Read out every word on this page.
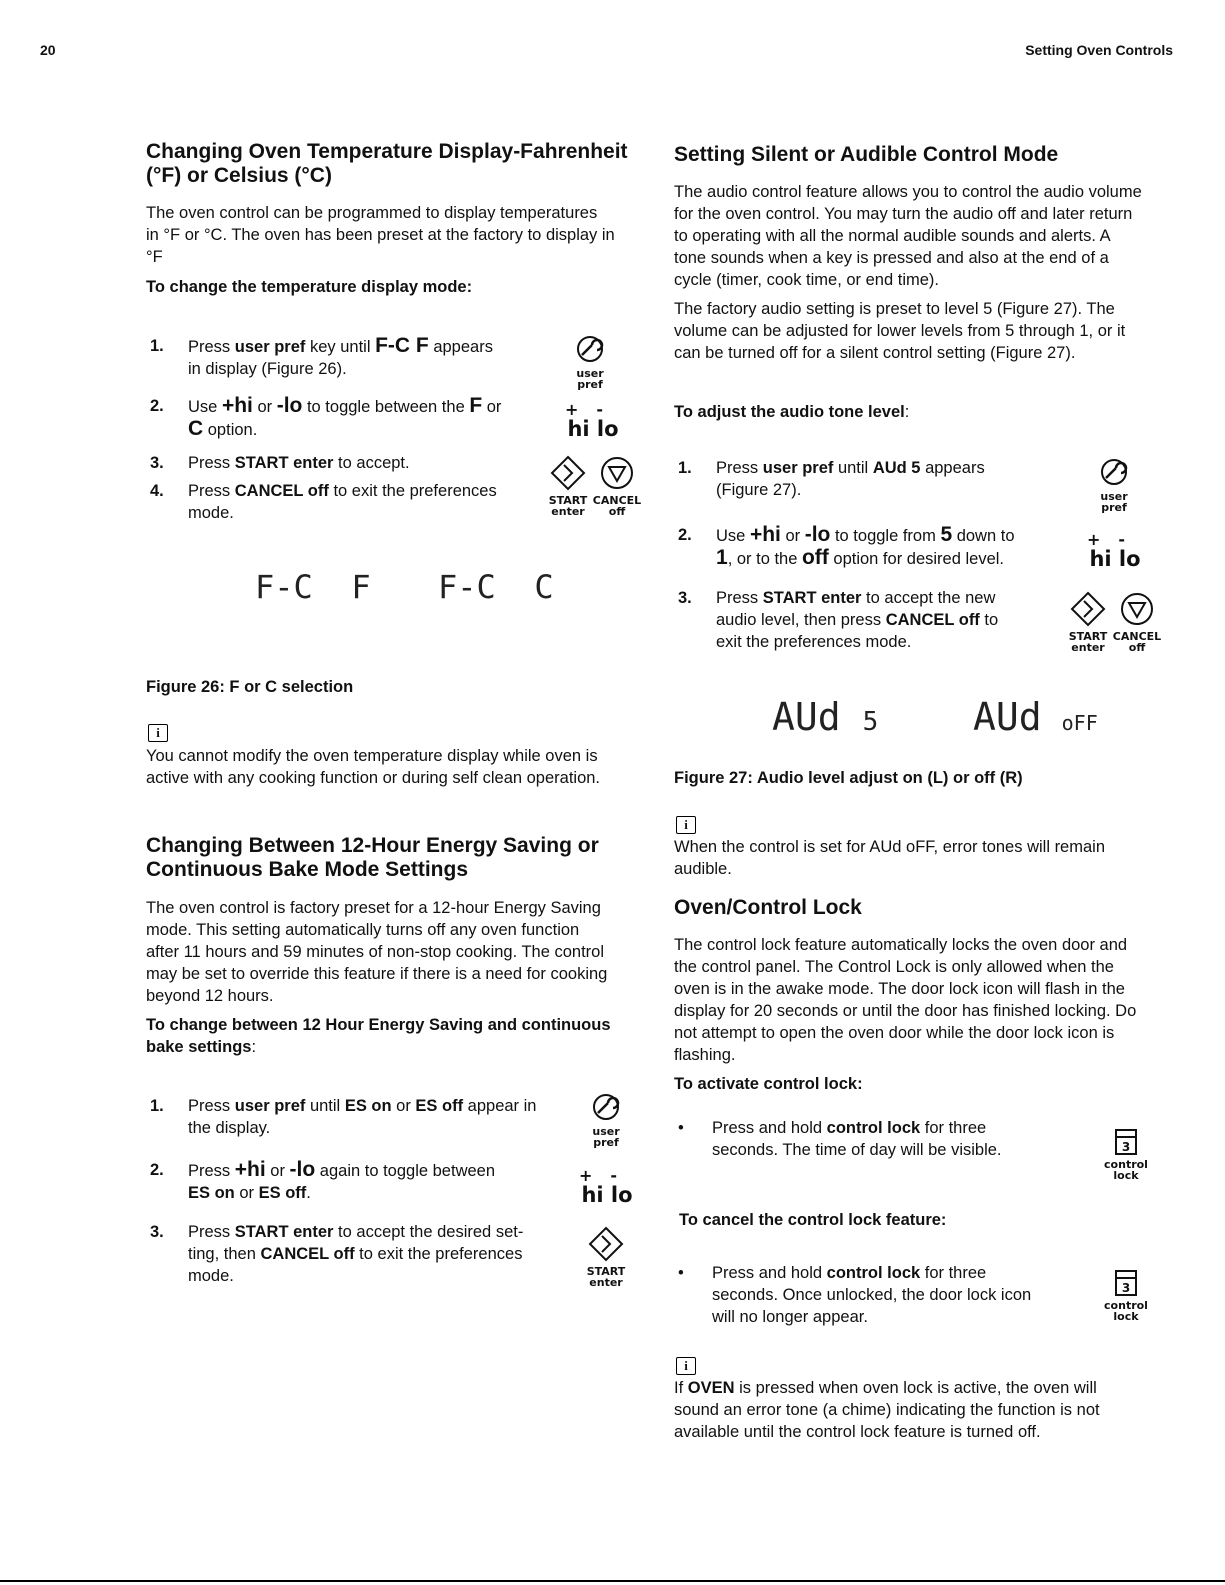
20	Setting Oven Controls
Changing Oven Temperature Display-Fahrenheit
(°F) or Celsius (°C)

The oven control can be programmed to display temperatures
in °F or °C. The oven has been preset at the factory to display in
°F

To change the temperature display mode:
1. Press user pref key until F-C F appears
in display (Figure 26).
2. Use +hi or -lo to toggle between the F or
C option.
3. Press START enter to accept.
4. Press CANCEL off to exit the preferences
mode.
user
pref
+-
hi lo
START
enter
CANCEL
off
F-C  F F-C  C
Figure 26: F or C selection
i

You cannot modify the oven temperature display while oven is
active with any cooking function or during self clean operation.

Changing Between 12-Hour Energy Saving or
Continuous Bake Mode Settings

The oven control is factory preset for a 12-hour Energy Saving
mode. This setting automatically turns off any oven function
after 11 hours and 59 minutes of non-stop cooking. The control
may be set to override this feature if there is a need for cooking
beyond 12 hours.

To change between 12 Hour Energy Saving and continuous
bake settings:
1. Press user pref until ES on or ES off appear in
the display.
2. Press +hi or -lo again to toggle between
ES on or ES off.
3. Press START enter to accept the desired set-
ting, then CANCEL off to exit the preferences
mode.
user
pref
+-
hi lo
START
enter
Setting Silent or Audible Control Mode

The audio control feature allows you to control the audio volume
for the oven control. You may turn the audio off and later return
to operating with all the normal audible sounds and alerts. A
tone sounds when a key is pressed and also at the end of a
cycle (timer, cook time, or end time).

The factory audio setting is preset to level 5 (Figure 27). The
volume can be adjusted for lower levels from 5 through 1, or it
can be turned off for a silent control setting (Figure 27).

To adjust the audio tone level:
1. Press user pref until AUd 5 appears
(Figure 27).
2. Use +hi or -lo to toggle from 5 down to
1, or to the off option for desired level.
3. Press START enter to accept the new
audio level, then press CANCEL off to
exit the preferences mode.
user
pref
+-
hi lo
START
enter
CANCEL
off
AUd 5 AUd oFF
Figure 27: Audio level adjust on (L) or off (R)
i

When the control is set for AUd oFF, error tones will remain
audible.

Oven/Control Lock

The control lock feature automatically locks the oven door and
the control panel. The Control Lock is only allowed when the
oven is in the awake mode. The door lock icon will flash in the
display for 20 seconds or until the door has finished locking. Do
not attempt to open the oven door while the door lock icon is
flashing.

To activate control lock:
• Press and hold control lock for three
seconds. The time of day will be visible.	3
control
lock
To cancel the control lock feature:
• Press and hold control lock for three
seconds. Once unlocked, the door lock icon
will no longer appear.
3
control
lock
i

If OVEN is pressed when oven lock is active, the oven will
sound an error tone (a chime) indicating the function is not
available until the control lock feature is turned off.
